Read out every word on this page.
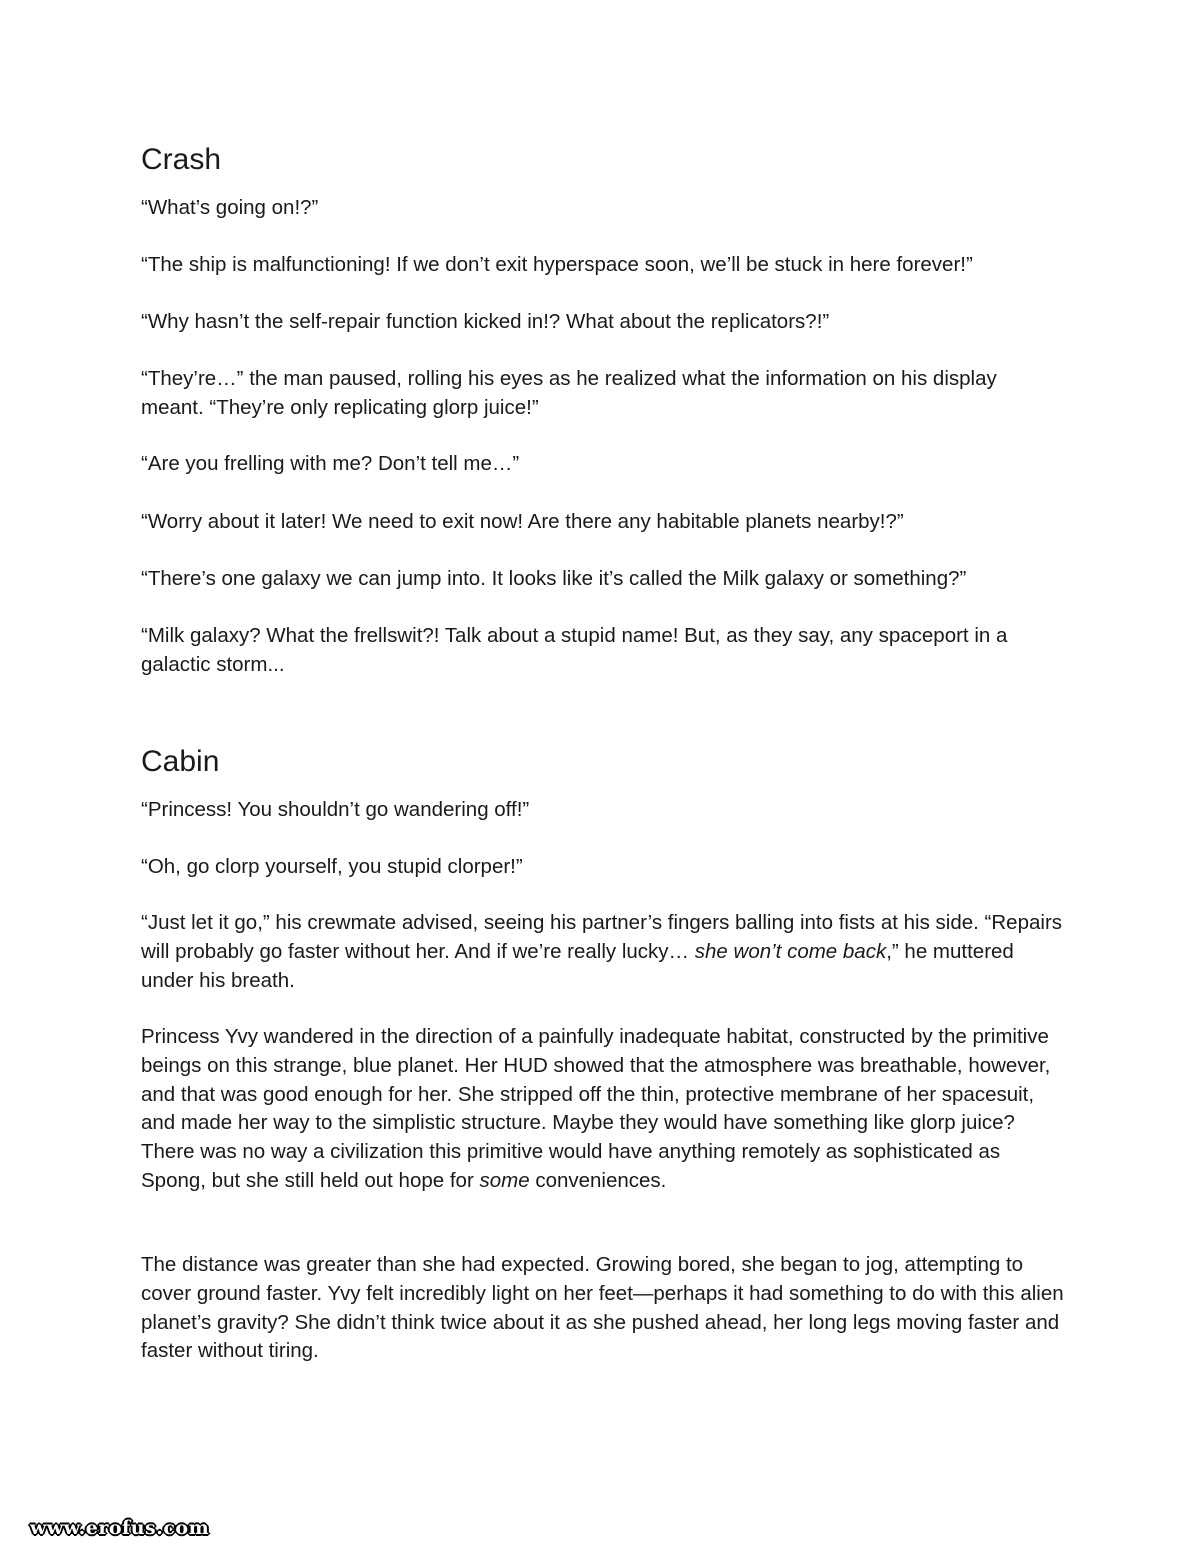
Crash

“What’s going on!?”

“The ship is malfunctioning! If we don’t exit hyperspace soon, we’ll be stuck in here forever!”

“Why hasn’t the self-repair function kicked in!? What about the replicators?!”

“They’re…” the man paused, rolling his eyes as he realized what the information on his display meant. “They’re only replicating glorp juice!”

“Are you frelling with me? Don’t tell me…”

“Worry about it later! We need to exit now! Are there any habitable planets nearby!?”

“There’s one galaxy we can jump into. It looks like it’s called the Milk galaxy or something?”

“Milk galaxy? What the frellswit?! Talk about a stupid name! But, as they say, any spaceport in a galactic storm...

Cabin

“Princess! You shouldn’t go wandering off!”

“Oh, go clorp yourself, you stupid clorper!”

“Just let it go,” his crewmate advised, seeing his partner’s fingers balling into fists at his side. “Repairs will probably go faster without her. And if we’re really lucky… she won’t come back,” he muttered under his breath.

Princess Yvy wandered in the direction of a painfully inadequate habitat, constructed by the primitive beings on this strange, blue planet. Her HUD showed that the atmosphere was breathable, however, and that was good enough for her. She stripped off the thin, protective membrane of her spacesuit, and made her way to the simplistic structure. Maybe they would have something like glorp juice? There was no way a civilization this primitive would have anything remotely as sophisticated as Spong, but she still held out hope for some conveniences.

The distance was greater than she had expected. Growing bored, she began to jog, attempting to cover ground faster. Yvy felt incredibly light on her feet—perhaps it had something to do with this alien planet’s gravity? She didn’t think twice about it as she pushed ahead, her long legs moving faster and faster without tiring.

www.erofus.com
